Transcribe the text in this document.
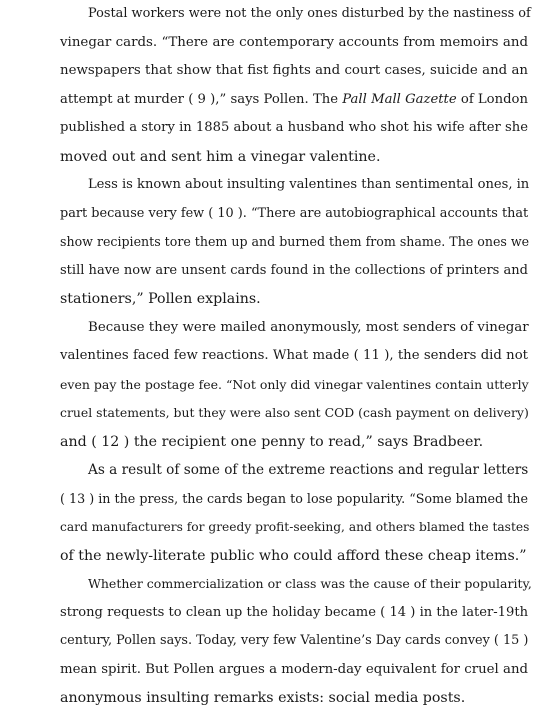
Postal workers were not the only ones disturbed by the nastiness of
vinegar cards. “There are contemporary accounts from memoirs and
newspapers that show that fist fights and court cases, suicide and an
attempt at murder ( 9 ),” says Pollen. The Pall Mall Gazette of London
published a story in 1885 about a husband who shot his wife after she
moved out and sent him a vinegar valentine.
Less is known about insulting valentines than sentimental ones, in
part because very few ( 10 ). “There are autobiographical accounts that
show recipients tore them up and burned them from shame. The ones we
still have now are unsent cards found in the collections of printers and
stationers,” Pollen explains.
Because they were mailed anonymously, most senders of vinegar
valentines faced few reactions. What made ( 11 ), the senders did not
even pay the postage fee. “Not only did vinegar valentines contain utterly
cruel statements, but they were also sent COD (cash payment on delivery)
and ( 12 ) the recipient one penny to read,” says Bradbeer.
As a result of some of the extreme reactions and regular letters
( 13 ) in the press, the cards began to lose popularity. “Some blamed the
card manufacturers for greedy profit-seeking, and others blamed the tastes
of the newly-literate public who could afford these cheap items.”
Whether commercialization or class was the cause of their popularity,
strong requests to clean up the holiday became ( 14 ) in the later-19th
century, Pollen says. Today, very few Valentine’s Day cards convey ( 15 )
mean spirit. But Pollen argues a modern-day equivalent for cruel and
anonymous insulting remarks exists: social media posts.
